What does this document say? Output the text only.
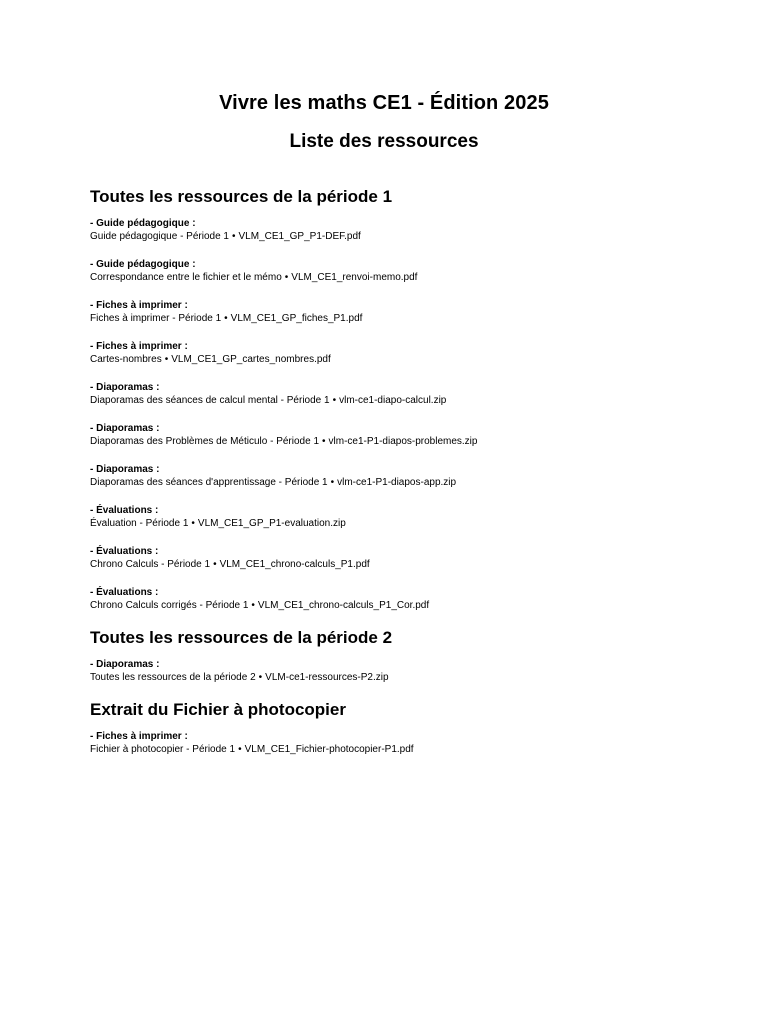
Vivre les maths CE1 - Édition 2025
Liste des ressources
Toutes les ressources de la période 1
- Guide pédagogique :
Guide pédagogique - Période 1 • VLM_CE1_GP_P1-DEF.pdf
- Guide pédagogique :
Correspondance entre le fichier et le mémo • VLM_CE1_renvoi-memo.pdf
- Fiches à imprimer :
Fiches à imprimer - Période 1 • VLM_CE1_GP_fiches_P1.pdf
- Fiches à imprimer :
Cartes-nombres • VLM_CE1_GP_cartes_nombres.pdf
- Diaporamas :
Diaporamas des séances de calcul mental - Période 1 • vlm-ce1-diapo-calcul.zip
- Diaporamas :
Diaporamas des Problèmes de Méticulo - Période 1 • vlm-ce1-P1-diapos-problemes.zip
- Diaporamas :
Diaporamas des séances d'apprentissage - Période 1 • vlm-ce1-P1-diapos-app.zip
- Évaluations :
Évaluation - Période 1 • VLM_CE1_GP_P1-evaluation.zip
- Évaluations :
Chrono Calculs - Période 1 • VLM_CE1_chrono-calculs_P1.pdf
- Évaluations :
Chrono Calculs corrigés - Période 1 • VLM_CE1_chrono-calculs_P1_Cor.pdf
Toutes les ressources de la période 2
- Diaporamas :
Toutes les ressources de la période 2 • VLM-ce1-ressources-P2.zip
Extrait du Fichier à photocopier
- Fiches à imprimer :
Fichier à photocopier - Période 1 • VLM_CE1_Fichier-photocopier-P1.pdf
